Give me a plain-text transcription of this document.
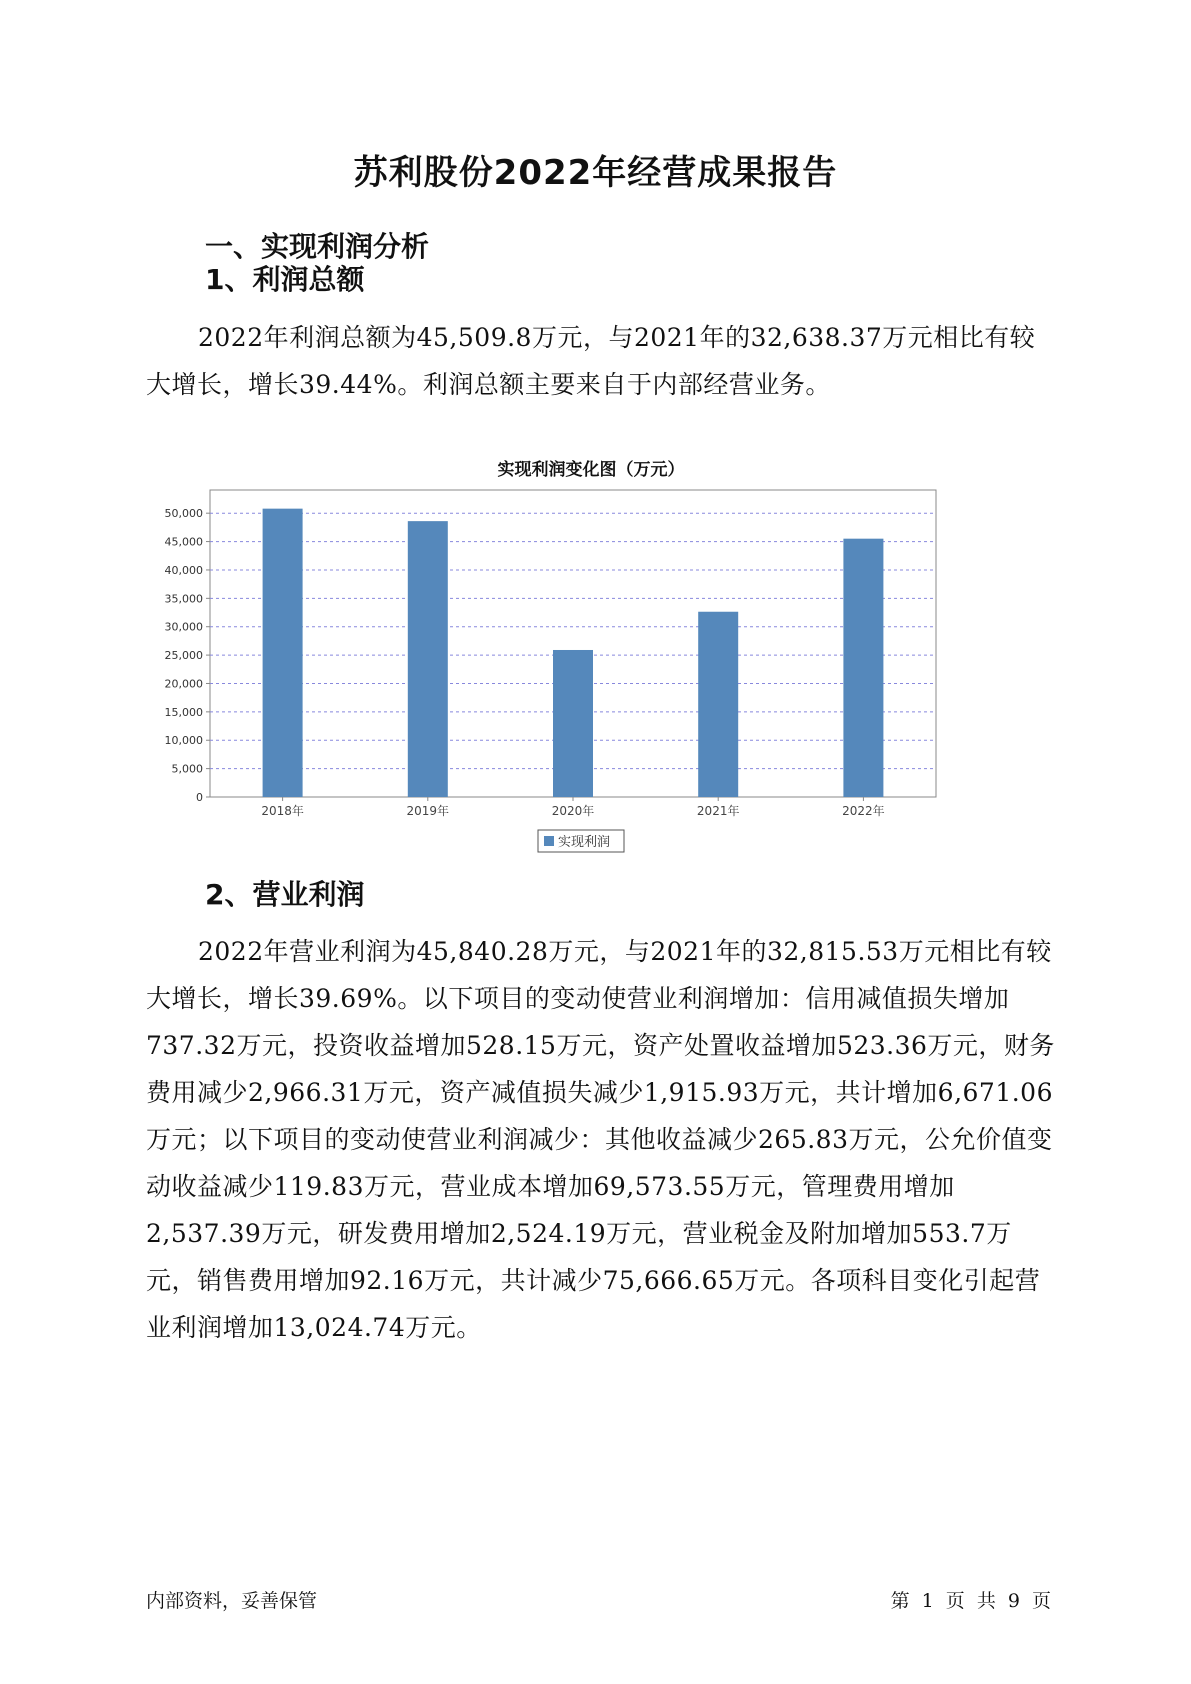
苏利股份2022年经营成果报告
一、实现利润分析
1、利润总额

2022年利润总额为45,509.8万元，与2021年的32,638.37万元相比有较大增长，增长39.44%。利润总额主要来自于内部经营业务。

实现利润变化图（万元）
0
5,000
10,000
15,000
20,000
25,000
30,000
35,000
40,000
45,000
50,000
2018年	2019年	2020年	2021年	2022年
实现利润
2、营业利润

2022年营业利润为45,840.28万元，与2021年的32,815.53万元相比有较大增长，增长39.69%。以下项目的变动使营业利润增加：信用减值损失增加737.32万元，投资收益增加528.15万元，资产处置收益增加523.36万元，财务费用减少2,966.31万元，资产减值损失减少1,915.93万元，共计增加6,671.06万元；以下项目的变动使营业利润减少：其他收益减少265.83万元，公允价值变动收益减少119.83万元，营业成本增加69,573.55万元，管理费用增加2,537.39万元，研发费用增加2,524.19万元，营业税金及附加增加553.7万元，销售费用增加92.16万元，共计减少75,666.65万元。各项科目变化引起营业利润增加13,024.74万元。

内部资料，妥善保管	第 1 页 共 9 页
